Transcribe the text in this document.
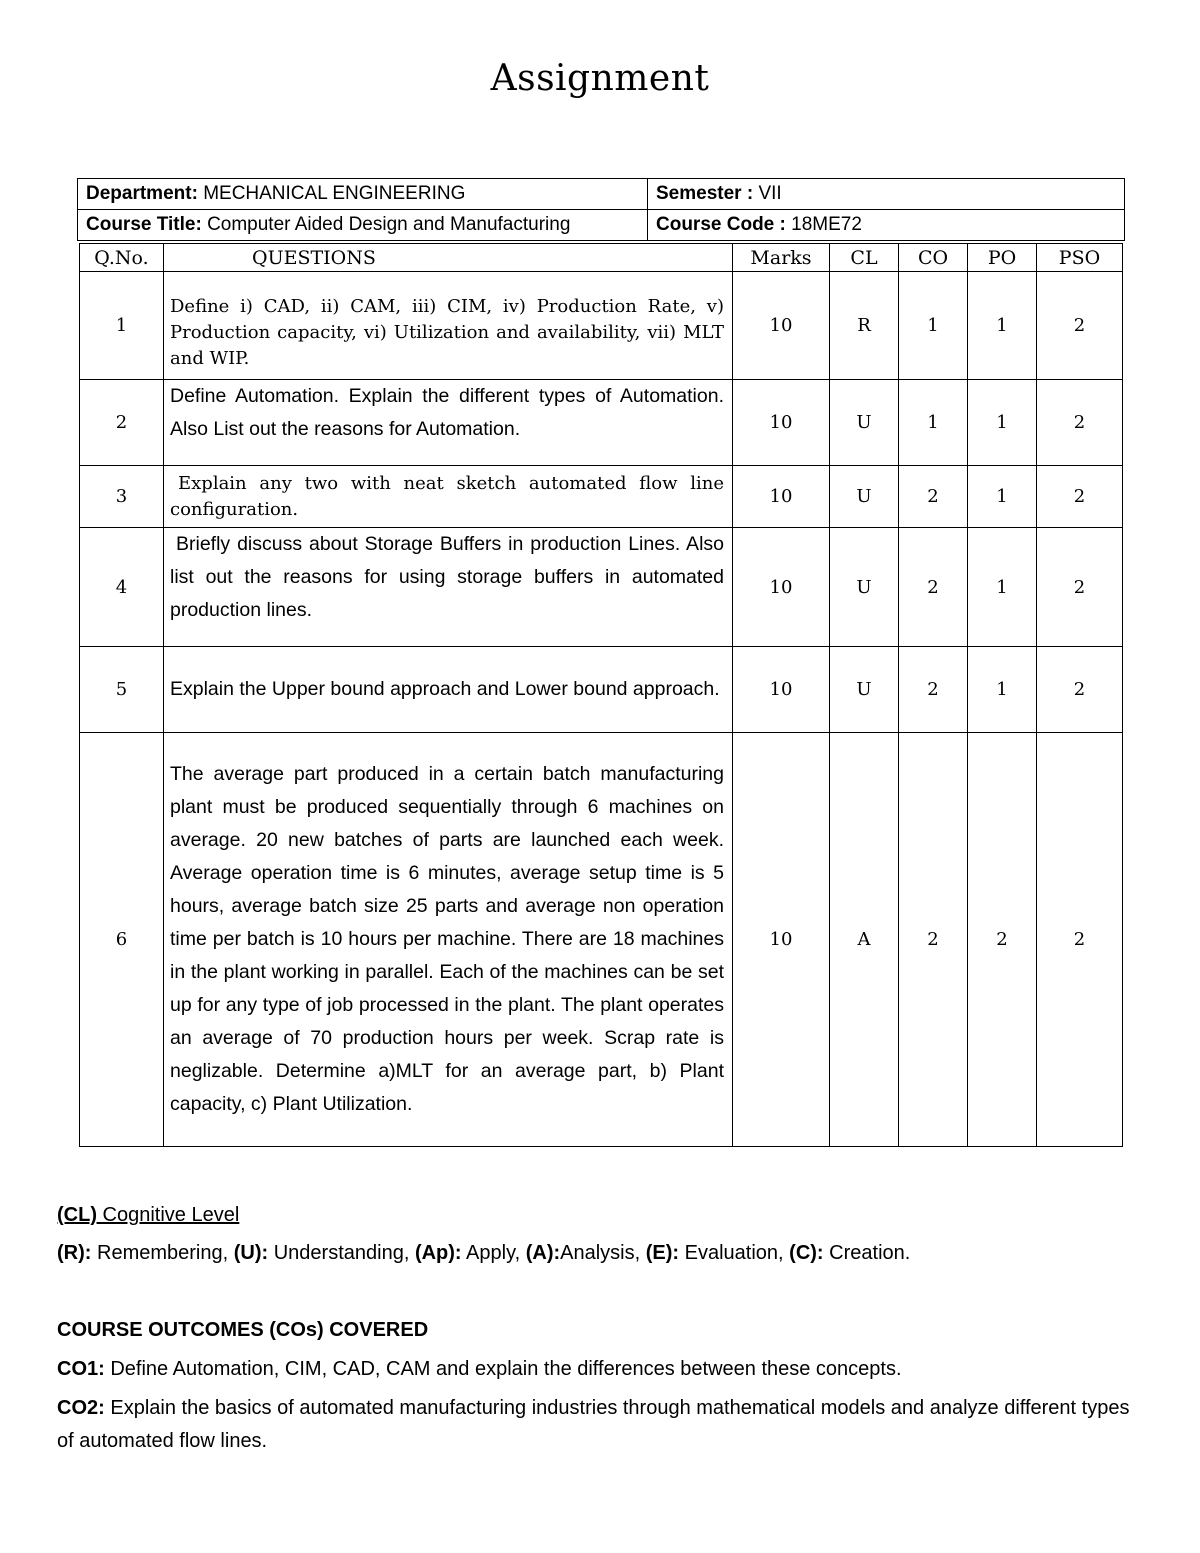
Assignment
Department: MECHANICAL ENGINEERING	Semester : VII
Course Title: Computer Aided Design and Manufacturing	Course Code : 18ME72
Q.No.	QUESTIONS	Marks	CL	CO	PO	PSO
1	Define i) CAD, ii) CAM, iii) CIM, iv) Production Rate, v) Production capacity, vi) Utilization and availability, vii) MLT and WIP.	10	R	1	1	2
2	Define Automation. Explain the different types of Automation. Also List out the reasons for Automation.	10	U	1	1	2
3	Explain any two with neat sketch automated flow line configuration.	10	U	2	1	2
4	Briefly discuss about Storage Buffers in production Lines. Also list out the reasons for using storage buffers in automated production lines.	10	U	2	1	2
5	Explain the Upper bound approach and Lower bound approach.	10	U	2	1	2
6	The average part produced in a certain batch manufacturing plant must be produced sequentially through 6 machines on average. 20 new batches of parts are launched each week. Average operation time is 6 minutes, average setup time is 5 hours, average batch size 25 parts and average non operation time per batch is 10 hours per machine. There are 18 machines in the plant working in parallel. Each of the machines can be set up for any type of job processed in the plant. The plant operates an average of 70 production hours per week. Scrap rate is neglizable. Determine a)MLT for an average part, b) Plant capacity, c) Plant Utilization.	10	A	2	2	2
(CL) Cognitive Level
(R): Remembering, (U): Understanding, (Ap): Apply, (A):Analysis, (E): Evaluation, (C): Creation.
COURSE OUTCOMES (COs) COVERED
CO1: Define Automation, CIM, CAD, CAM and explain the differences between these concepts.
CO2: Explain the basics of automated manufacturing industries through mathematical models and analyze different types of automated flow lines.
